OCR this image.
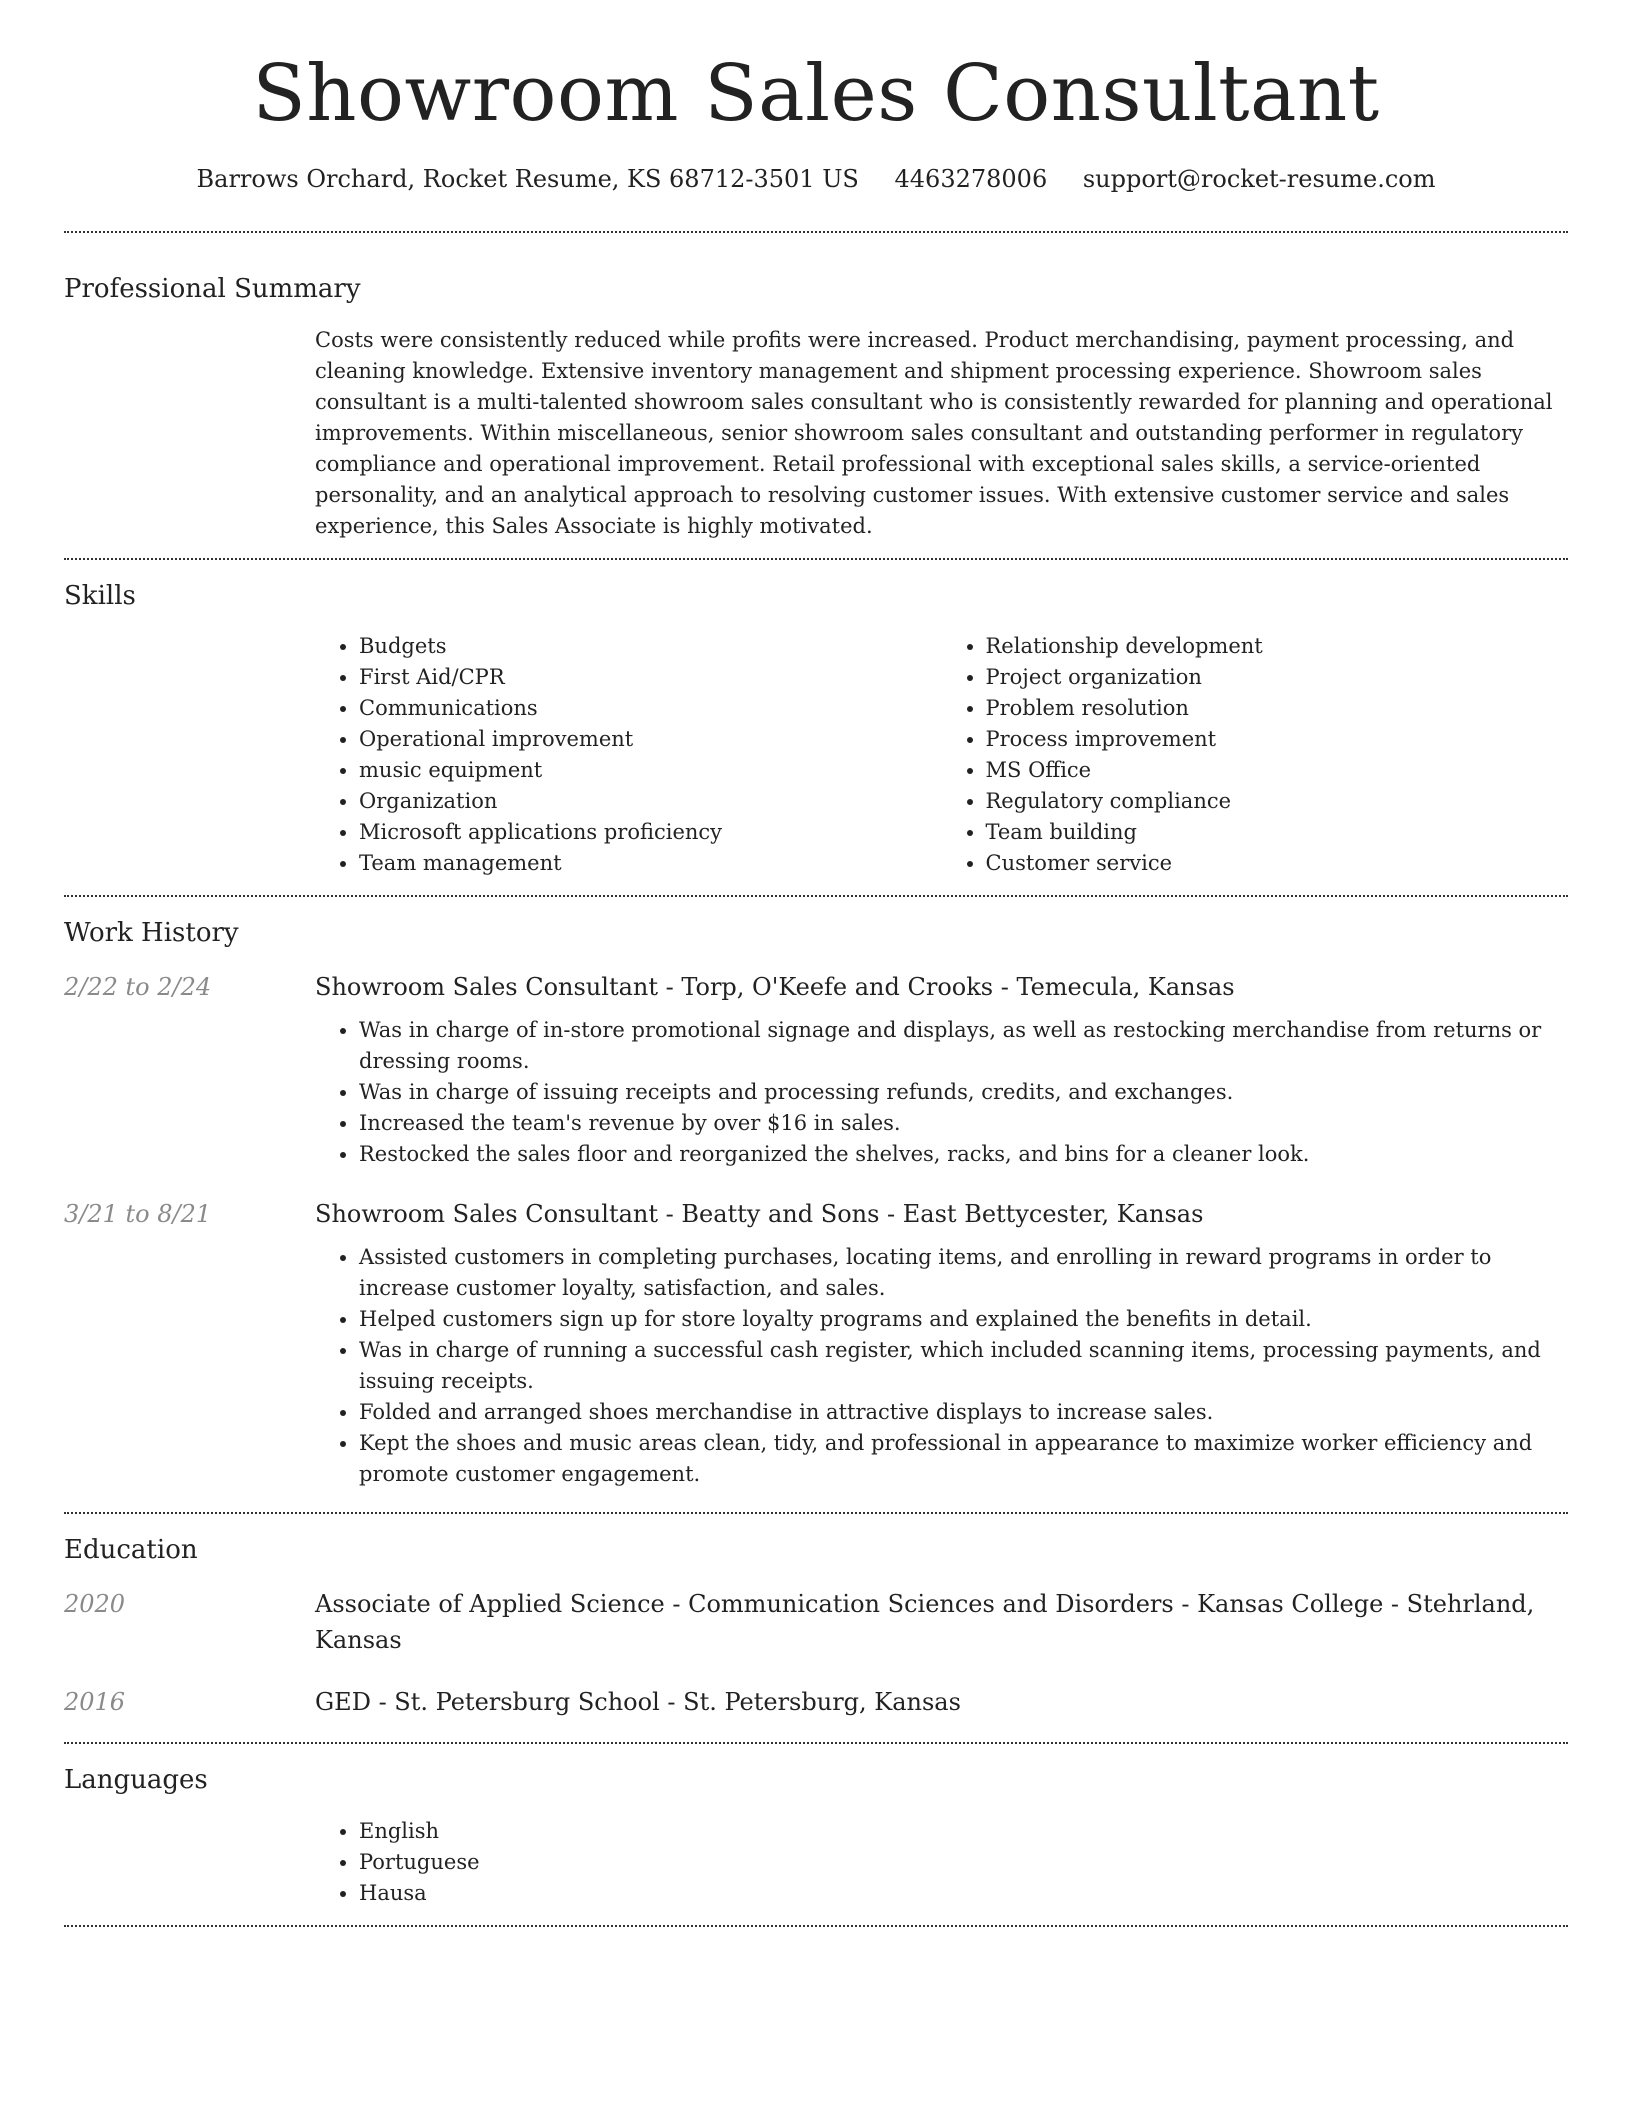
Showroom Sales Consultant
Barrows Orchard, Rocket Resume, KS 68712-3501 US 4463278006 support@rocket-resume.com
Professional Summary

Costs were consistently reduced while profits were increased. Product merchandising, payment processing, and cleaning knowledge. Extensive inventory management and shipment processing experience. Showroom sales consultant is a multi-talented showroom sales consultant who is consistently rewarded for planning and operational improvements. Within miscellaneous, senior showroom sales consultant and outstanding performer in regulatory compliance and operational improvement. Retail professional with exceptional sales skills, a service-oriented personality, and an analytical approach to resolving customer issues. With extensive customer service and sales experience, this Sales Associate is highly motivated.

Skills
• Budgets
• First Aid/CPR
• Communications
• Operational improvement
• music equipment
• Organization
• Microsoft applications proficiency
• Team management
• Relationship development
• Project organization
• Problem resolution
• Process improvement
• MS Office
• Regulatory compliance
• Team building
• Customer service
Work History
2/22 to 2/24	Showroom Sales Consultant - Torp, O'Keefe and Crooks - Temecula, Kansas
• Was in charge of in-store promotional signage and displays, as well as restocking merchandise from returns or dressing rooms.
• Was in charge of issuing receipts and processing refunds, credits, and exchanges.
• Increased the team's revenue by over $16 in sales.
• Restocked the sales floor and reorganized the shelves, racks, and bins for a cleaner look.
3/21 to 8/21	Showroom Sales Consultant - Beatty and Sons - East Bettycester, Kansas
• Assisted customers in completing purchases, locating items, and enrolling in reward programs in order to increase customer loyalty, satisfaction, and sales.
• Helped customers sign up for store loyalty programs and explained the benefits in detail.
• Was in charge of running a successful cash register, which included scanning items, processing payments, and issuing receipts.
• Folded and arranged shoes merchandise in attractive displays to increase sales.
• Kept the shoes and music areas clean, tidy, and professional in appearance to maximize worker efficiency and promote customer engagement.
Education
2020	Associate of Applied Science - Communication Sciences and Disorders - Kansas College - Stehrland, Kansas
2016	GED - St. Petersburg School - St. Petersburg, Kansas
Languages
• English
• Portuguese
• Hausa
